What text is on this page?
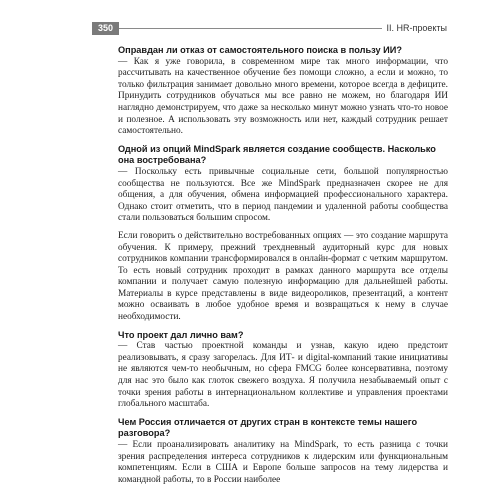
350	II. HR-проекты

Оправдан ли отказ от самостоятельного поиска в пользу ИИ?

— Как я уже говорила, в современном мире так много информации, что рассчитывать на качественное обучение без помощи сложно, а если и можно, то только фильтрация занимает довольно много времени, которое всегда в дефиците. Принудить сотрудников обучаться мы все равно не можем, но благодаря ИИ наглядно демонстрируем, что даже за несколько минут можно узнать что-то новое и полезное. А использовать эту возможность или нет, каждый сотрудник решает самостоятельно.

Одной из опций MindSpark является создание сообществ. Насколько она востребована?

— Поскольку есть привычные социальные сети, большой популярностью сообщества не пользуются. Все же MindSpark предназначен скорее не для общения, а для обучения, обмена информацией профессионального характера. Однако стоит отметить, что в период пандемии и удаленной работы сообщества стали пользоваться большим спросом.

Если говорить о действительно востребованных опциях — это создание маршрута обучения. К примеру, прежний трехдневный аудиторный курс для новых сотрудников компании трансформировался в онлайн-формат с четким маршрутом. То есть новый сотрудник проходит в рамках данного маршрута все отделы компании и получает самую полезную информацию для дальнейшей работы. Материалы в курсе представлены в виде видеороликов, презентаций, а контент можно осваивать в любое удобное время и возвращаться к нему в случае необходимости.

Что проект дал лично вам?

— Став частью проектной команды и узнав, какую идею предстоит реализовывать, я сразу загорелась. Для ИТ- и digital-компаний такие инициативы не являются чем-то необычным, но сфера FMCG более консервативна, поэтому для нас это было как глоток свежего воздуха. Я получила незабываемый опыт с точки зрения работы в интернациональном коллективе и управления проектами глобального масштаба.

Чем Россия отличается от других стран в контексте темы нашего разговора?

— Если проанализировать аналитику на MindSpark, то есть разница с точки зрения распределения интереса сотрудников к лидерским или функциональным компетенциям. Если в США и Европе больше запросов на тему лидерства и командной работы, то в России наиболее
